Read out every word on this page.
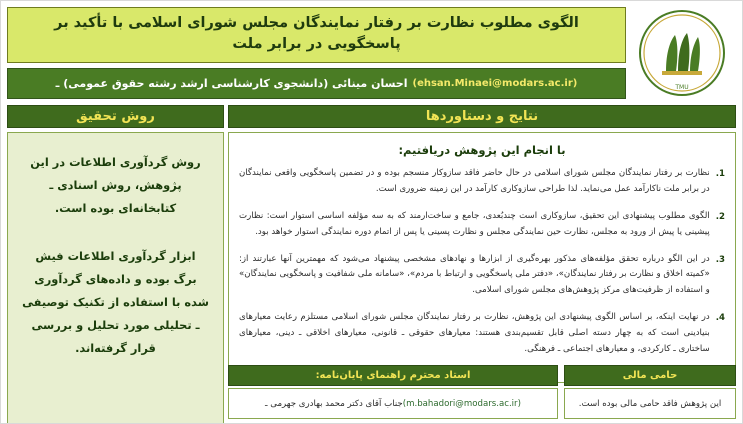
TMU
الگوی مطلوب نظارت بر رفتار نمایندگان مجلس شورای اسلامی با تأکید بر پاسخگویی در برابر ملت
(ehsan.Minaei@modars.ac.ir)
احسان مینائی (دانشجوی کارشناسی ارشد رشته حقوق عمومی) ـ
نتایج و دستاوردها
با انجام این پژوهش دریافتیم:
1.
نظارت بر رفتار نمایندگان مجلس شورای اسلامی در حال حاضر فاقد ساز‌و‌کار منسجم بوده و در تضمین پاسخگویی واقعی نمایندگان در برابر ملت ناکارآمد عمل می‌نماید. لذا طراحی ساز‌و‌کاری کارآمد در این زمینه ضروری است.
2.
الگوی مطلوب پیشنهادی این تحقیق، ساز‌و‌کاری است چندبُعدی، جامع و ساخت‌ارمند که به سه مؤلفه اساسی استوار است: نظارت پیشینی یا پیش از ورود به مجلس، نظارت حین نمایندگی مجلس و نظارت پسینی یا پس از اتمام دوره نمایندگی استوار خواهد بود.
3.
در این الگو درباره تحقق مؤلفه‌های مذکور بهره‌گیری از ابزارها و نهادهای مشخصی پیشنهاد می‌شود که مهمترین آنها عبارتند از: «کمیته اخلاق و نظارت بر رفتار نمایندگان»، «دفتر ملی پاسخگویی و ارتباط با مردم»، «سامانه ملی شفافیت و پاسخگویی نمایندگان» و استفاده از ظرفیت‌های مرکز پژوهش‌های مجلس شورای اسلامی.
4.
در نهایت اینکه، بر اساس الگوی پیشنهادی این پژوهش، نظارت بر رفتار نمایندگان مجلس شورای اسلامی مستلزم رعایت معیارهای بنیادینی است که به چهار دسته اصلی قابل تقسیم‌بندی هستند: معیارهای حقوقی ـ قانونی، معیارهای اخلاقی ـ دینی، معیارهای ساختاری ـ کارکردی، و معیارهای اجتماعی ـ فرهنگی.
حامی مالی
این پژوهش فاقد حامی مالی بوده است.
استاد محترم راهنمای پایان‌نامه:
(m.bahadori@modars.ac.ir)
جناب آقای دکتر محمد بهادری جهرمی ـ
روش تحقیق
روش گردآوری اطلاعات در این پژوهش، روش اسنادی ـ کتابخانه‌ای بوده است.
ابزار گردآوری اطلاعات فیش برگ بوده و داده‌های گردآوری شده با استفاده از تکنیک توصیفی ـ تحلیلی مورد تحلیل و بررسی قرار گرفته‌اند.
